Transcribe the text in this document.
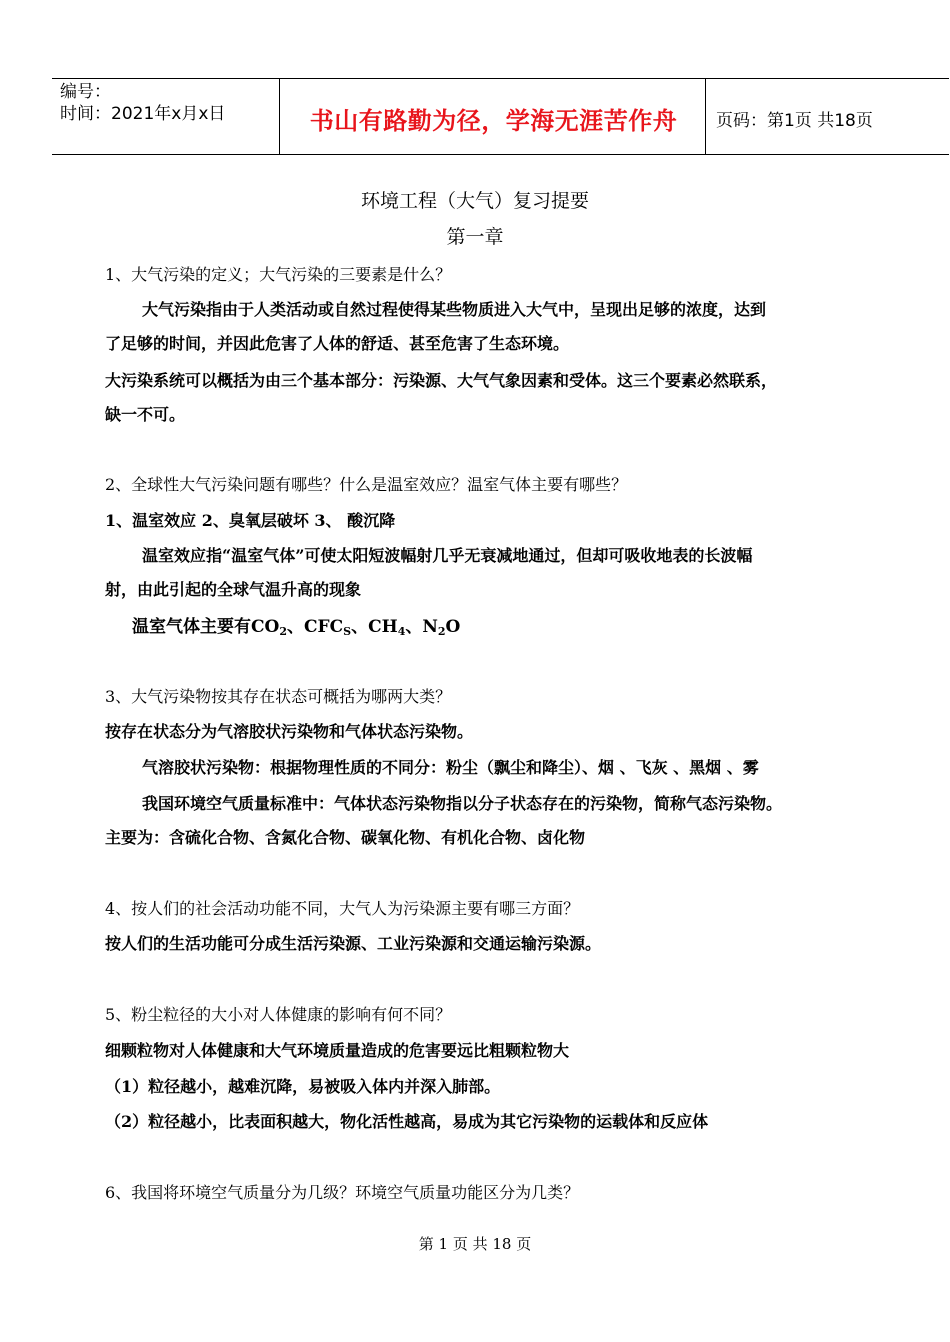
编号：
时间：2021年x月x日	书山有路勤为径，学海无涯苦作舟	页码：第1页 共18页
环境工程（大气）复习提要
第一章
1、大气污染的定义；大气污染的三要素是什么？
大气污染指由于人类活动或自然过程使得某些物质进入大气中，呈现出足够的浓度，达到
了足够的时间，并因此危害了人体的舒适、甚至危害了生态环境。
大污染系统可以概括为由三个基本部分：污染源、大气气象因素和受体。这三个要素必然联系，
缺一不可。
2、全球性大气污染问题有哪些？什么是温室效应？温室气体主要有哪些？
1、温室效应 2、臭氧层破坏 3、 酸沉降
温室效应指“温室气体”可使太阳短波幅射几乎无衰减地通过，但却可吸收地表的长波幅
射，由此引起的全球气温升高的现象
温室气体主要有$CO_2$、$CFC_S$、$CH_4$、$N_2O$
3、大气污染物按其存在状态可概括为哪两大类？
按存在状态分为气溶胶状污染物和气体状态污染物。
气溶胶状污染物：根据物理性质的不同分：粉尘（飘尘和降尘）、烟 、飞灰 、黑烟 、雾
我国环境空气质量标准中：气体状态污染物指以分子状态存在的污染物，简称气态污染物。
主要为：含硫化合物、含氮化合物、碳氧化物、有机化合物、卤化物
4、按人们的社会活动功能不同，大气人为污染源主要有哪三方面？
按人们的生活功能可分成生活污染源、工业污染源和交通运输污染源。
5、粉尘粒径的大小对人体健康的影响有何不同？
细颗粒物对人体健康和大气环境质量造成的危害要远比粗颗粒物大
（1）粒径越小，越难沉降，易被吸入体内并深入肺部。
（2）粒径越小，比表面积越大，物化活性越高，易成为其它污染物的运载体和反应体
6、我国将环境空气质量分为几级？环境空气质量功能区分为几类？
第 1 页 共 18 页
